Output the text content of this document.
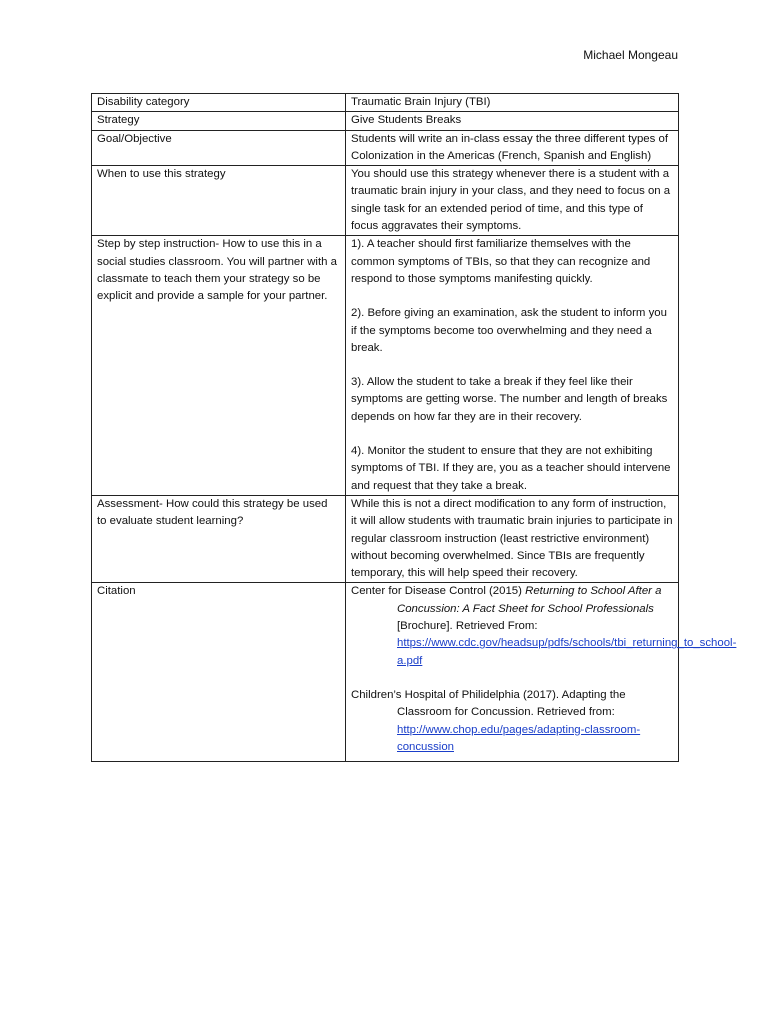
Michael Mongeau
Disability category	Traumatic Brain Injury (TBI)
Strategy	Give Students Breaks
Goal/Objective	Students will write an in-class essay the three different types of Colonization in the Americas (French, Spanish and English)
When to use this strategy	You should use this strategy whenever there is a student with a traumatic brain injury in your class, and they need to focus on a single task for an extended period of time, and this type of focus aggravates their symptoms.
Step by step instruction- How to use this in a social studies classroom. You will partner with a classmate to teach them your strategy so be explicit and provide a sample for your partner.	1). A teacher should first familiarize themselves with the common symptoms of TBIs, so that they can recognize and respond to those symptoms manifesting quickly.

2). Before giving an examination, ask the student to inform you if the symptoms become too overwhelming and they need a break.

3). Allow the student to take a break if they feel like their symptoms are getting worse. The number and length of breaks depends on how far they are in their recovery.

4). Monitor the student to ensure that they are not exhibiting symptoms of TBI. If they are, you as a teacher should intervene and request that they take a break.

Assessment- How could this strategy be used to evaluate student learning?	While this is not a direct modification to any form of instruction, it will allow students with traumatic brain injuries to participate in regular classroom instruction (least restrictive environment) without becoming overwhelmed. Since TBIs are frequently temporary, this will help speed their recovery.
Citation	Center for Disease Control (2015) Returning to School After a Concussion: A Fact Sheet for School Professionals [Brochure]. Retrieved From: https://www.cdc.gov/headsup/pdfs/schools/tbi_returning_to_school-a.pdf

Children’s Hospital of Philidelphia (2017). Adapting the Classroom for Concussion. Retrieved from: http://www.chop.edu/pages/adapting-classroom-concussion
